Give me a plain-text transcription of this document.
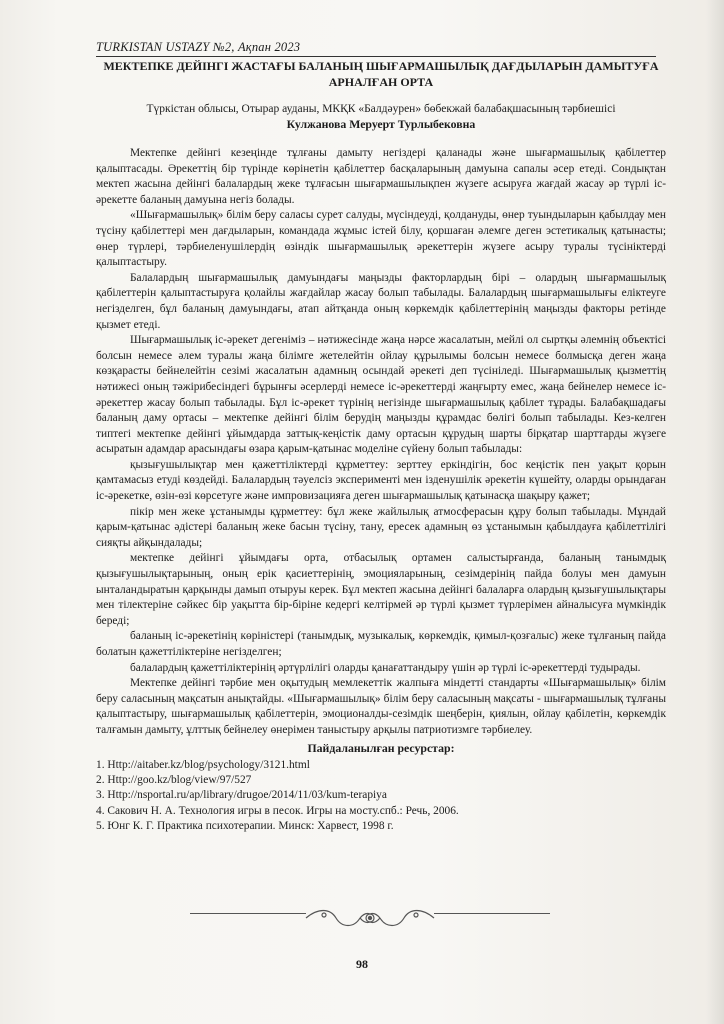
TURKISTAN USTAZY №2, Ақпан 2023
МЕКТЕПКЕ ДЕЙІНГІ ЖАСТАҒЫ БАЛАНЫҢ ШЫҒАРМАШЫЛЫҚ ДАҒДЫЛАРЫН ДАМЫТУҒА АРНАЛҒАН ОРТА

Түркістан облысы, Отырар ауданы, МКҚК «Балдәурен» бөбекжай балабақшасының тәрбиешісі

Кулжанова Меруерт Турлыбековна

Мектепке дейінгі кезеңінде тұлғаны дамыту негіздері қаланады және шығармашылық қабілеттер қалыптасады. Әрекеттің бір түрінде көрінетін қабілеттер басқаларының дамуына сапалы әсер етеді. Сондықтан мектеп жасына дейінгі балалардың жеке тұлғасын шығармашылықпен жүзеге асыруға жағдай жасау әр түрлі іс-әрекетте баланың дамуына негіз болады.

«Шығармашылық» білім беру саласы сурет салуды, мүсіндеуді, қолдануды, өнер туындыларын қабылдау мен түсіну қабілеттері мен дағдыларын, командада жұмыс істей білу, қоршаған әлемге деген эстетикалық қатынасты; өнер түрлері, тәрбиеленушілердің өзіндік шығармашылық әрекеттерін жүзеге асыру туралы түсініктерді қалыптастыру.

Балалардың шығармашылық дамуындағы маңызды факторлардың бірі – олардың шығармашылық қабілеттерін қалыптастыруға қолайлы жағдайлар жасау болып табылады. Балалардың шығармашылығы еліктеуге негізделген, бұл баланың дамуындағы, атап айтқанда оның көркемдік қабілеттерінің маңызды факторы ретінде қызмет етеді.

Шығармашылық іс-әрекет дегеніміз – нәтижесінде жаңа нәрсе жасалатын, мейлі ол сыртқы әлемнің объектісі болсын немесе әлем туралы жаңа білімге жетелейтін ойлау құрылымы болсын немесе болмысқа деген жаңа көзқарасты бейнелейтін сезімі жасалатын адамның осындай әрекеті деп түсініледі. Шығармашылық қызметтің нәтижесі оның тәжірибесіндегі бұрынғы әсерлерді немесе іс-әрекеттерді жаңғырту емес, жаңа бейнелер немесе іс-әрекеттер жасау болып табылады. Бұл іс-әрекет түрінің негізінде шығармашылық қабілет тұрады. Балабақшадағы баланың даму ортасы – мектепке дейінгі білім берудің маңызды құрамдас бөлігі болып табылады. Кез-келген типтегі мектепке дейінгі ұйымдарда заттық-кеңістік даму ортасын құрудың шарты бірқатар шарттарды жүзеге асыратын адамдар арасындағы өзара қарым-қатынас моделіне сүйену болып табылады:

қызығушылықтар мен қажеттіліктерді құрметтеу: зерттеу еркіндігін, бос кеңістік пен уақыт қорын қамтамасыз етуді көздейді. Балалардың тәуелсіз эксперименті мен ізденушілік әрекетін күшейту, оларды орындаған іс-әрекетке, өзін-өзі көрсетуге және импровизацияға деген шығармашылық қатынасқа шақыру қажет;

пікір мен жеке ұстанымды құрметтеу: бұл жеке жайлылық атмосферасын құру болып табылады. Мұндай қарым-қатынас әдістері баланың жеке басын түсіну, тану, ересек адамның өз ұстанымын қабылдауға қабілеттілігі сияқты айқындалады;

мектепке дейінгі ұйымдағы орта, отбасылық ортамен салыстырғанда, баланың танымдық қызығушылықтарының, оның ерік қасиеттерінің, эмоцияларының, сезімдерінің пайда болуы мен дамуын ынталандыратын қарқынды дамып отыруы керек. Бұл мектеп жасына дейінгі балаларға олардың қызығушылықтары мен тілектеріне сәйкес бір уақытта бір-біріне кедергі келтірмей әр түрлі қызмет түрлерімен айналысуға мүмкіндік береді;

баланың іс-әрекетінің көріністері (танымдық, музыкалық, көркемдік, қимыл-қозғалыс) жеке тұлғаның пайда болатын қажеттіліктеріне негізделген;

балалардың қажеттіліктерінің әртүрлілігі оларды қанағаттандыру үшін әр түрлі іс-әрекеттерді тудырады.

Мектепке дейінгі тәрбие мен оқытудың мемлекеттік жалпыға міндетті стандарты «Шығармашылық» білім беру саласының мақсатын анықтайды. «Шығармашылық» білім беру саласының мақсаты - шығармашылық тұлғаны қалыптастыру, шығармашылық қабілеттерін, эмоционалды-сезімдік шеңберін, қиялын, ойлау қабілетін, көркемдік талғамын дамыту, ұлттық бейнелеу өнерімен таныстыру арқылы патриотизмге тәрбиелеу.

Пайдаланылған ресурстар:
1. Http://aitaber.kz/blog/psychology/3121.html
2. Http://goo.kz/blog/view/97/527
3. Http://nsportal.ru/ap/library/drugoe/2014/11/03/kum-terapiya
4. Сакович Н. А. Технология игры в песок. Игры на мосту.спб.: Речь, 2006.
5. Юнг К. Г. Практика психотерапии. Минск: Харвест, 1998 г.
98
